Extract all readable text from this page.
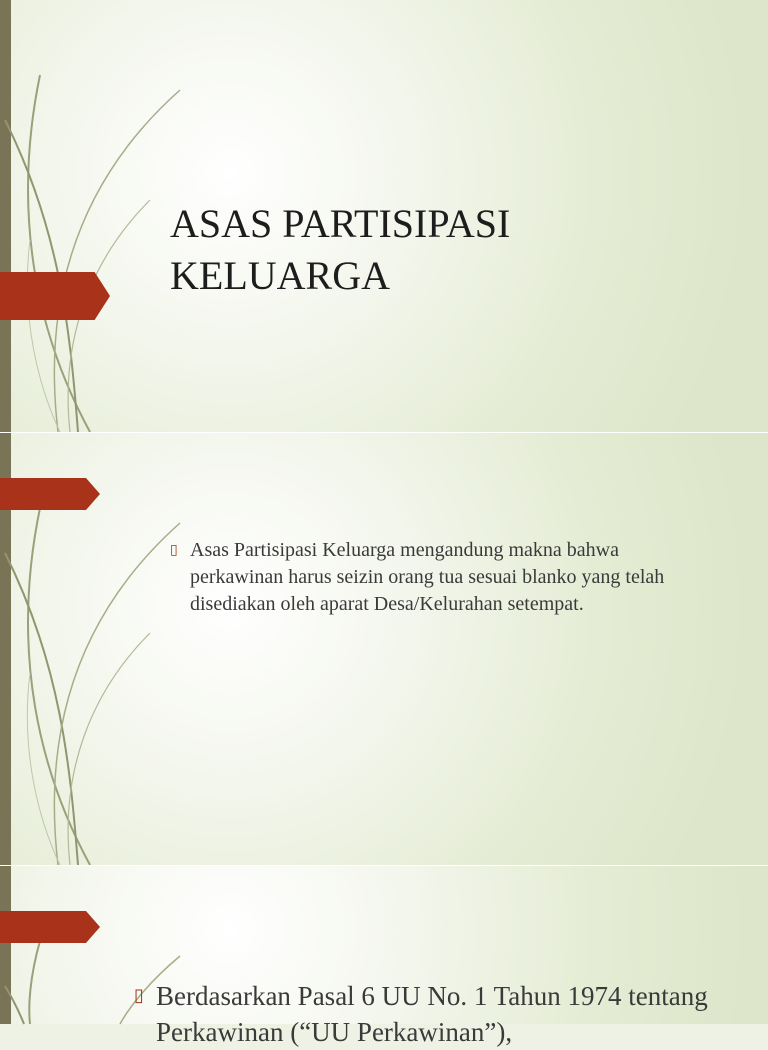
ASAS PARTISIPASI KELUARGA
▯ Asas Partisipasi Keluarga mengandung makna bahwa perkawinan harus seizin orang tua sesuai blanko yang telah disediakan oleh aparat Desa/Kelurahan setempat.

▯ Berdasarkan Pasal 6 UU No. 1 Tahun 1974 tentang Perkawinan (“UU Perkawinan”),
